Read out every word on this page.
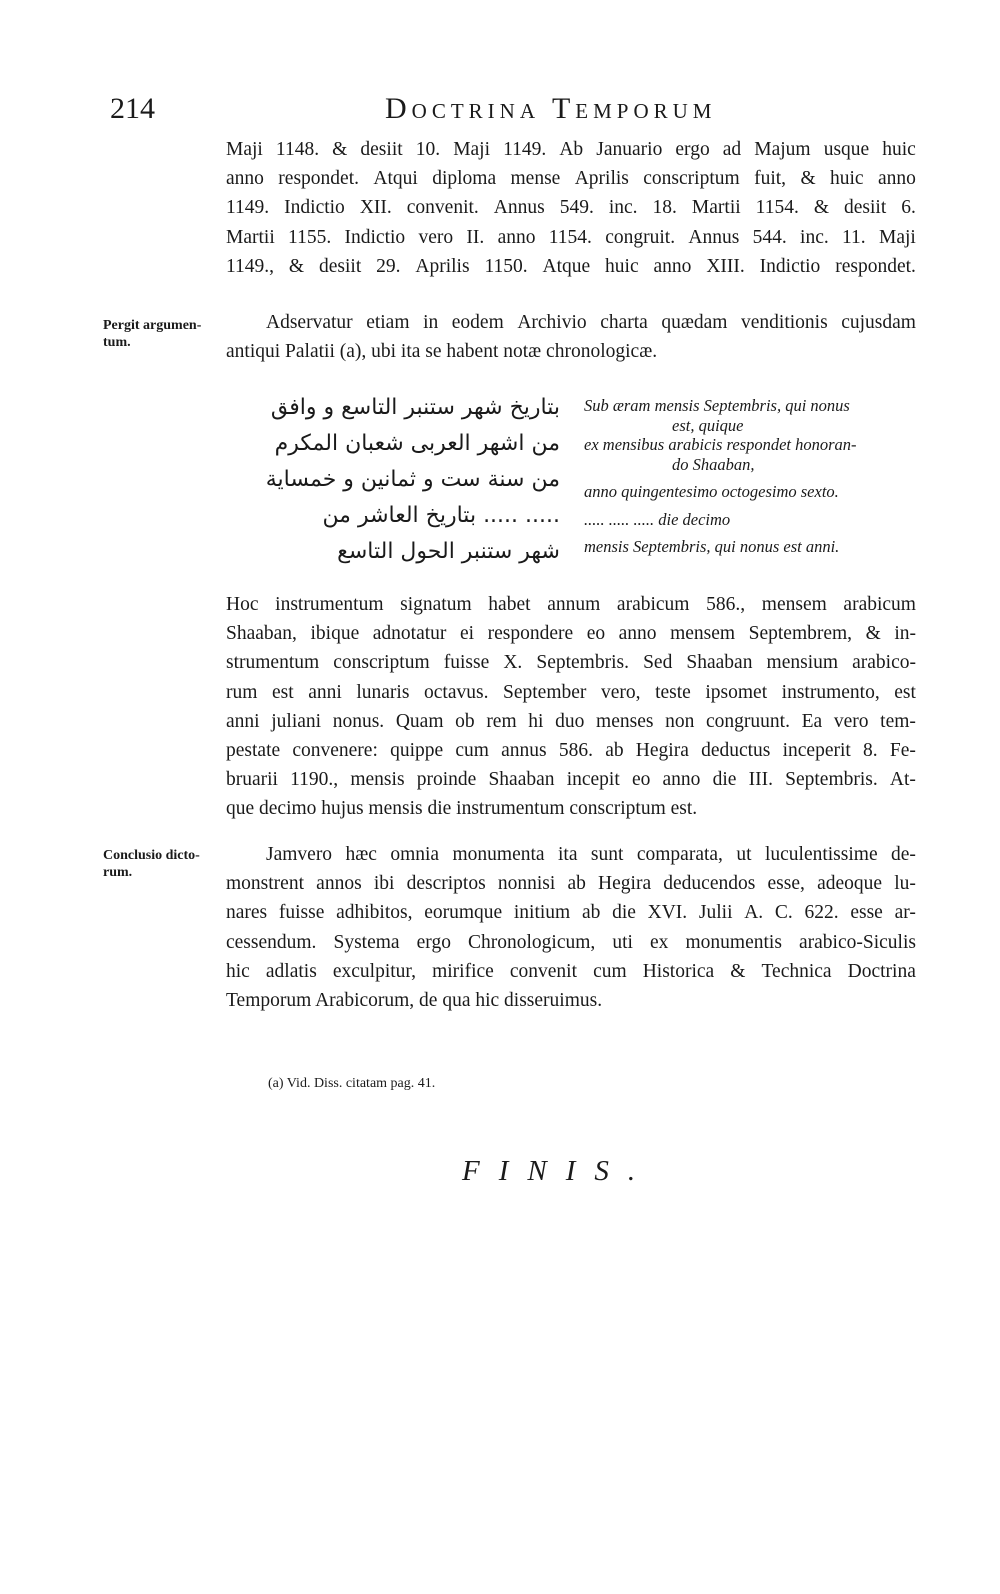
214	Doctrina Temporum
Maji 1148. & desiit 10. Maji 1149. Ab Januario ergo ad Majum usque huic
anno respondet. Atqui diploma mense Aprilis conscriptum fuit, & huic anno
1149. Indictio XII. convenit. Annus 549. inc. 18. Martii 1154. & desiit 6.
Martii 1155. Indictio vero II. anno 1154. congruit. Annus 544. inc. 11. Maji
1149., & desiit 29. Aprilis 1150. Atque huic anno XIII. Indictio respondet.
Pergit argumen-
tum.
Adservatur etiam in eodem Archivio charta quædam venditionis cujusdam
antiqui Palatii (a), ubi ita se habent notæ chronologicæ.
بتاريخ شهر ستنبر التاسع و وافق
من اشهر العربى شعبان المكرم
من سنة ست و ثمانين و خمساية
..... ..... بتاريخ العاشر من
شهر ستنبر الحول التاسع
Sub æram mensis Septembris, qui nonus
est, quique
ex mensibus arabicis respondet honoran-
do Shaaban,
anno quingentesimo octogesimo sexto.
..... ..... ..... die decimo
mensis Septembris, qui nonus est anni.
Hoc instrumentum signatum habet annum arabicum 586., mensem arabicum
Shaaban, ibique adnotatur ei respondere eo anno mensem Septembrem, & in-
strumentum conscriptum fuisse X. Septembris. Sed Shaaban mensium arabico-
rum est anni lunaris octavus. September vero, teste ipsomet instrumento, est
anni juliani nonus. Quam ob rem hi duo menses non congruunt. Ea vero tem-
pestate convenere: quippe cum annus 586. ab Hegira deductus inceperit 8. Fe-
bruarii 1190., mensis proinde Shaaban incepit eo anno die III. Septembris. At-
que decimo hujus mensis die instrumentum conscriptum est.
Conclusio dicto-
rum.
Jamvero hæc omnia monumenta ita sunt comparata, ut luculentissime de-
monstrent annos ibi descriptos nonnisi ab Hegira deducendos esse, adeoque lu-
nares fuisse adhibitos, eorumque initium ab die XVI. Julii A. C. 622. esse ar-
cessendum. Systema ergo Chronologicum, uti ex monumentis arabico-Siculis
hic adlatis exculpitur, mirifice convenit cum Historica & Technica Doctrina
Temporum Arabicorum, de qua hic disseruimus.
(a) Vid. Diss. citatam pag. 41.
FINIS.
